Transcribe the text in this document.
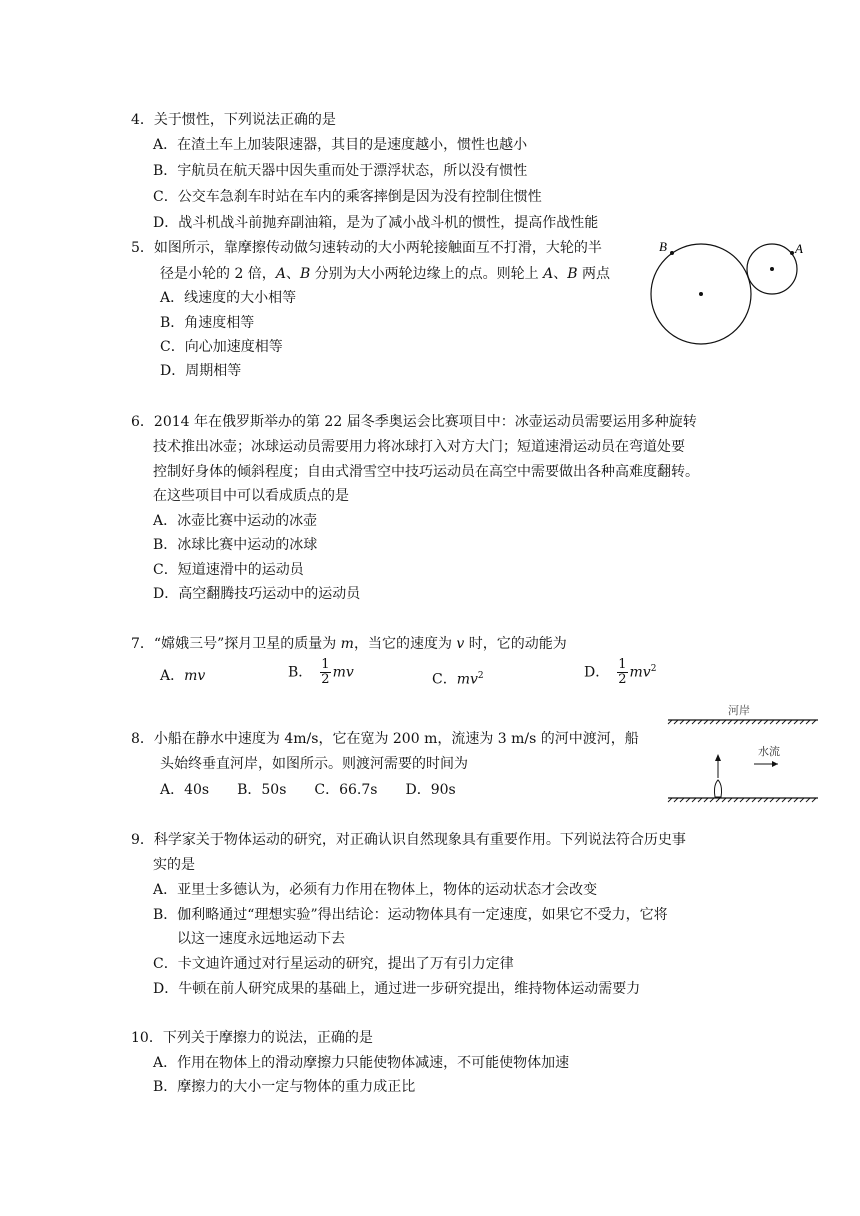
4．关于惯性，下列说法正确的是
A．在渣土车上加装限速器，其目的是速度越小，惯性也越小
B．宇航员在航天器中因失重而处于漂浮状态，所以没有惯性
C．公交车急刹车时站在车内的乘客摔倒是因为没有控制住惯性
D．战斗机战斗前抛弃副油箱，是为了减小战斗机的惯性，提高作战性能
5．如图所示，靠摩擦传动做匀速转动的大小两轮接触面互不打滑，大轮的半
径是小轮的 2 倍，A、B 分别为大小两轮边缘上的点。则轮上 A、B 两点
A．线速度的大小相等
B．角速度相等
C．向心加速度相等
D．周期相等
B	A
6．2014 年在俄罗斯举办的第 22 届冬季奥运会比赛项目中：冰壶运动员需要运用多种旋转
技术推出冰壶；冰球运动员需要用力将冰球打入对方大门；短道速滑运动员在弯道处要
控制好身体的倾斜程度；自由式滑雪空中技巧运动员在高空中需要做出各种高难度翻转。
在这些项目中可以看成质点的是
A．冰壶比赛中运动的冰壶
B．冰球比赛中运动的冰球
C．短道速滑中的运动员
D．高空翻腾技巧运动中的运动员
7．“嫦娥三号”探月卫星的质量为 m，当它的速度为 v 时，它的动能为
A．mv	B． $\frac{1}{2}$ mv	C．$mv^2$	D． $\frac{1}{2} mv^2$
8．小船在静水中速度为 4m/s，它在宽为 200 m，流速为 3 m/s 的河中渡河，船
头始终垂直河岸，如图所示。则渡河需要的时间为
A．40s　　B．50s　　C．66.7s　　D．90s
河岸
水流
9．科学家关于物体运动的研究，对正确认识自然现象具有重要作用。下列说法符合历史事
实的是
A．亚里士多德认为，必须有力作用在物体上，物体的运动状态才会改变
B．伽利略通过“理想实验”得出结论：运动物体具有一定速度，如果它不受力，它将
以这一速度永远地运动下去
C．卡文迪许通过对行星运动的研究，提出了万有引力定律
D．牛顿在前人研究成果的基础上，通过进一步研究提出，维持物体运动需要力
10．下列关于摩擦力的说法，正确的是
A．作用在物体上的滑动摩擦力只能使物体减速，不可能使物体加速
B．摩擦力的大小一定与物体的重力成正比
